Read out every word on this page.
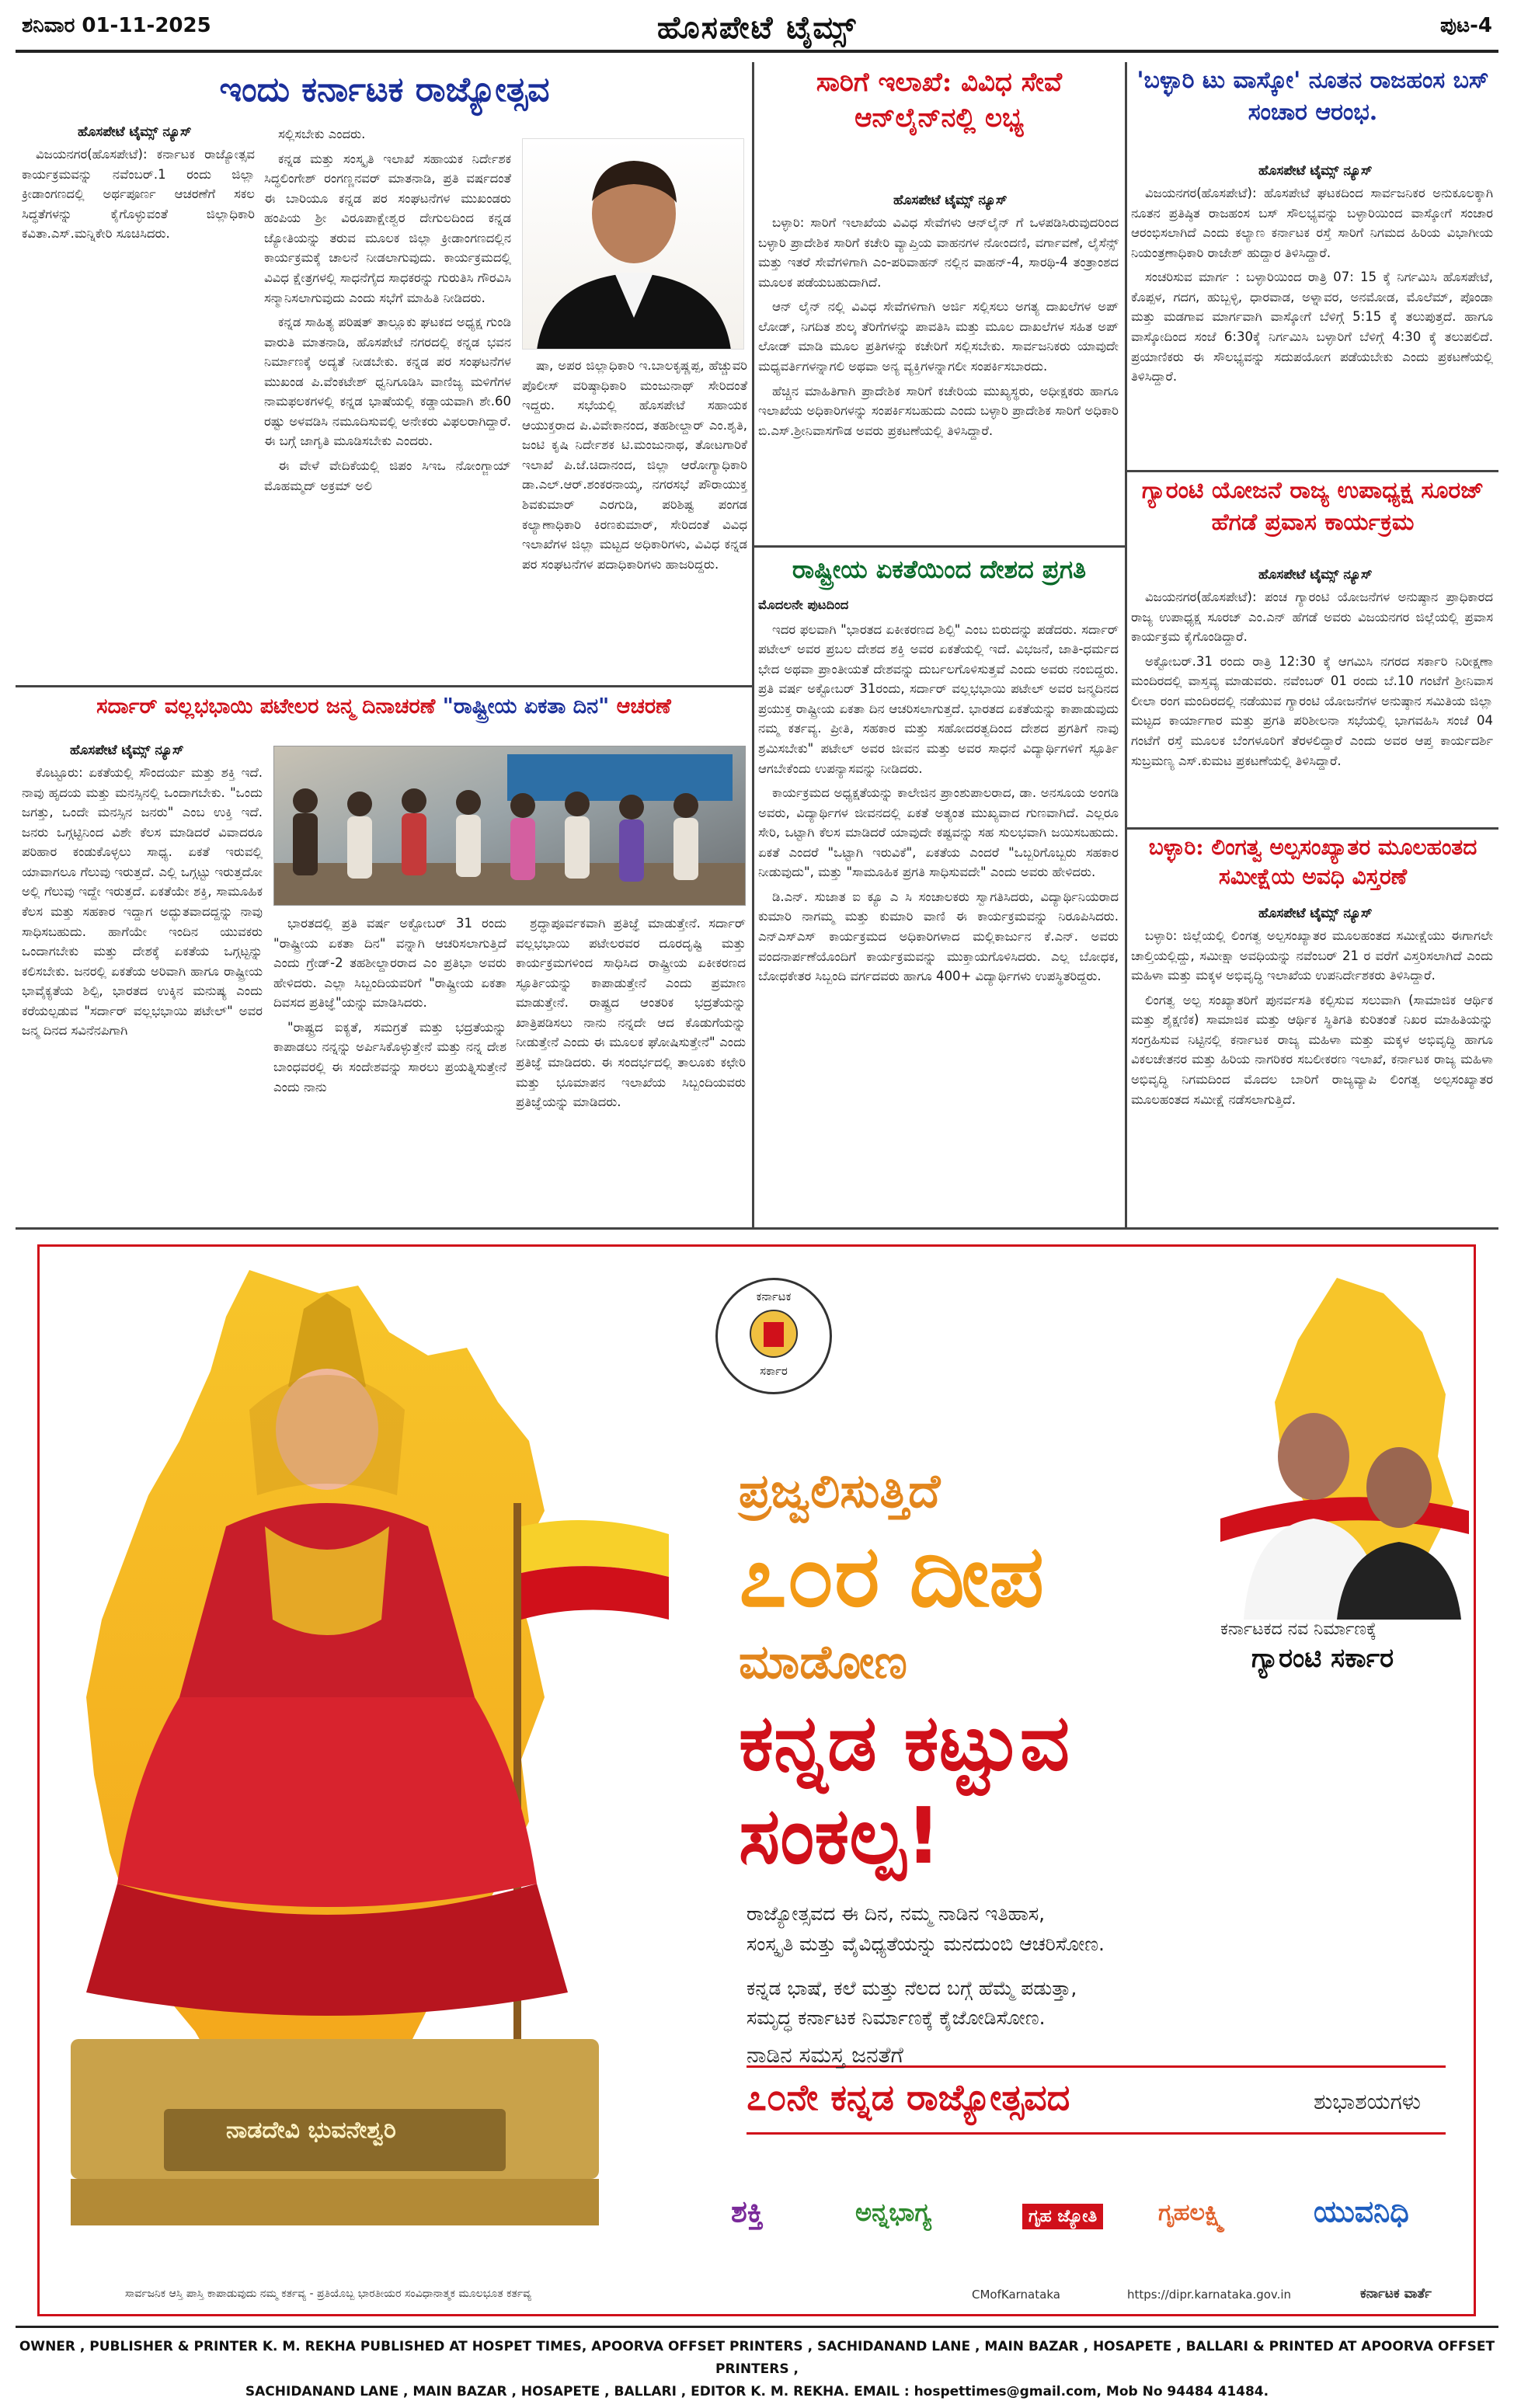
ಶನಿವಾರ 01-11-2025	ಹೊಸಪೇಟೆ ಟೈಮ್ಸ್	ಪುಟ-4
ಇಂದು ಕರ್ನಾಟಕ ರಾಜ್ಯೋತ್ಸವ
ಹೊಸಪೇಟೆ ಟೈಮ್ಸ್ ನ್ಯೂಸ್

ವಿಜಯನಗರ(ಹೊಸಪೇಟೆ): ಕರ್ನಾಟಕ ರಾಜ್ಯೋತ್ಸವ ಕಾರ್ಯಕ್ರಮವನ್ನು ನವೆಂಬರ್.1 ರಂದು ಜಿಲ್ಲಾ ಕ್ರೀಡಾಂಗಣದಲ್ಲಿ ಅರ್ಥಪೂರ್ಣ ಆಚರಣೆಗೆ ಸಕಲ ಸಿದ್ಧತೆಗಳನ್ನು ಕೈಗೊಳ್ಳುವಂತೆ ಜಿಲ್ಲಾಧಿಕಾರಿ ಕವಿತಾ.ಎಸ್.ಮನ್ನಿಕೇರಿ ಸೂಚಿಸಿದರು.

ಸಲ್ಲಿಸಬೇಕು ಎಂದರು.

ಕನ್ನಡ ಮತ್ತು ಸಂಸ್ಕೃತಿ ಇಲಾಖೆ ಸಹಾಯಕ ನಿರ್ದೇಶಕ ಸಿದ್ಧಲಿಂಗೇಶ್ ರಂಗಣ್ಣನವರ್ ಮಾತನಾಡಿ, ಪ್ರತಿ ವರ್ಷದಂತೆ ಈ ಬಾರಿಯೂ ಕನ್ನಡ ಪರ ಸಂಘಟನೆಗಳ ಮುಖಂಡರು ಹಂಪಿಯ ಶ್ರೀ ವಿರೂಪಾಕ್ಷೇಶ್ವರ ದೇಗುಲದಿಂದ ಕನ್ನಡ ಜ್ಯೋತಿಯನ್ನು ತರುವ ಮೂಲಕ ಜಿಲ್ಲಾ ಕ್ರೀಡಾಂಗಣದಲ್ಲಿನ ಕಾರ್ಯಕ್ರಮಕ್ಕೆ ಚಾಲನೆ ನೀಡಲಾಗುವುದು. ಕಾರ್ಯಕ್ರಮದಲ್ಲಿ ವಿವಿಧ ಕ್ಷೇತ್ರಗಳಲ್ಲಿ ಸಾಧನೆಗೈದ ಸಾಧಕರನ್ನು ಗುರುತಿಸಿ ಗೌರವಿಸಿ ಸನ್ಮಾನಿಸಲಾಗುವುದು ಎಂದು ಸಭೆಗೆ ಮಾಹಿತಿ ನೀಡಿದರು.

ಕನ್ನಡ ಸಾಹಿತ್ಯ ಪರಿಷತ್ ತಾಲ್ಲೂಕು ಘಟಕದ ಅಧ್ಯಕ್ಷ ಗುಂಡಿ ವಾರುತಿ ಮಾತನಾಡಿ, ಹೊಸಪೇಟೆ ನಗರದಲ್ಲಿ ಕನ್ನಡ ಭವನ ನಿರ್ಮಾಣಕ್ಕೆ ಅದ್ಯತೆ ನೀಡಬೇಕು. ಕನ್ನಡ ಪರ ಸಂಘಟನೆಗಳ ಮುಖಂಡ ಪಿ.ವೆಂಕಟೇಶ್ ಧ್ವನಿಗೂಡಿಸಿ ವಾಣಿಜ್ಯ ಮಳಿಗೆಗಳ ನಾಮಫಲಕಗಳಲ್ಲಿ ಕನ್ನಡ ಭಾಷೆಯಲ್ಲಿ ಕಡ್ಡಾಯವಾಗಿ ಶೇ.60 ರಷ್ಟು ಅಳವಡಿಸಿ ನಮೂದಿಸುವಲ್ಲಿ ಅನೇಕರು ವಿಫಲರಾಗಿದ್ದಾರೆ. ಈ ಬಗ್ಗೆ ಜಾಗೃತಿ ಮೂಡಿಸಬೇಕು ಎಂದರು.

ಈ ವೇಳೆ ವೇದಿಕೆಯಲ್ಲಿ ಜಿಪಂ ಸಿಇಒ ನೋಂಗ್ಜಾಯ್ ಮೊಹಮ್ಮದ್ ಅಕ್ರಮ್ ಅಲಿ

ಷಾ, ಅಪರ ಜಿಲ್ಲಾಧಿಕಾರಿ ಇ.ಬಾಲಕೃಷ್ಣಪ್ಪ, ಹೆಚ್ಚುವರಿ ಪೊಲೀಸ್ ವರಿಷ್ಠಾಧಿಕಾರಿ ಮಂಜುನಾಥ್ ಸೇರಿದಂತೆ ಇದ್ದರು. ಸಭೆಯಲ್ಲಿ ಹೊಸಪೇಟೆ ಸಹಾಯಕ ಆಯುಕ್ತರಾದ ಪಿ.ವಿವೇಕಾನಂದ, ತಹಶೀಲ್ದಾರ್ ಎಂ.ಶೃತಿ, ಜಂಟಿ ಕೃಷಿ ನಿರ್ದೇಶಕ ಟಿ.ಮಂಜುನಾಥ, ತೋಟಗಾರಿಕೆ ಇಲಾಖೆ ಪಿ.ಜೆ.ಚಿದಾನಂದ, ಜಿಲ್ಲಾ ಆರೋಗ್ಯಾಧಿಕಾರಿ ಡಾ.ಎಲ್.ಆರ್.ಶಂಕರನಾಯ್ಕ, ನಗರಸಭೆ ಪೌರಾಯುಕ್ತ ಶಿವಕುಮಾರ್ ಎರಗುಡಿ, ಪರಿಶಿಷ್ಟ ಪಂಗಡ ಕಲ್ಯಾಣಾಧಿಕಾರಿ ಕಿರಣಕುಮಾರ್, ಸೇರಿದಂತೆ ವಿವಿಧ ಇಲಾಖೆಗಳ ಜಿಲ್ಲಾ ಮಟ್ಟದ ಅಧಿಕಾರಿಗಳು, ವಿವಿಧ ಕನ್ನಡ ಪರ ಸಂಘಟನೆಗಳ ಪದಾಧಿಕಾರಿಗಳು ಹಾಜರಿದ್ದರು.

ಸಾರಿಗೆ ಇಲಾಖೆ: ವಿವಿಧ ಸೇವೆ ಆನ್‌ಲೈನ್‌ನಲ್ಲಿ ಲಭ್ಯ
ಹೊಸಪೇಟೆ ಟೈಮ್ಸ್ ನ್ಯೂಸ್

ಬಳ್ಳಾರಿ: ಸಾರಿಗೆ ಇಲಾಖೆಯ ವಿವಿಧ ಸೇವೆಗಳು ಆನ್‌ಲೈನ್ ಗೆ ಒಳಪಡಿಸಿರುವುದರಿಂದ ಬಳ್ಳಾರಿ ಪ್ರಾದೇಶಿಕ ಸಾರಿಗೆ ಕಚೇರಿ ವ್ಯಾಪ್ತಿಯ ವಾಹನಗಳ ನೋಂದಣಿ, ವರ್ಗಾವಣೆ, ಲೈಸೆನ್ಸ್ ಮತ್ತು ಇತರೆ ಸೇವೆಗಳಿಗಾಗಿ ಎಂ-ಪರಿವಾಹನ್ ನಲ್ಲಿನ ವಾಹನ್-4, ಸಾರಥಿ-4 ತಂತ್ರಾಂಶದ ಮೂಲಕ ಪಡೆಯಬಹುದಾಗಿದೆ.

ಆನ್ ಲೈನ್ ನಲ್ಲಿ ವಿವಿಧ ಸೇವೆಗಳಿಗಾಗಿ ಅರ್ಜಿ ಸಲ್ಲಿಸಲು ಅಗತ್ಯ ದಾಖಲೆಗಳ ಅಪ್ ಲೋಡ್, ನಿಗದಿತ ಶುಲ್ಕ ತೆರಿಗೆಗಳನ್ನು ಪಾವತಿಸಿ ಮತ್ತು ಮೂಲ ದಾಖಲೆಗಳ ಸಹಿತ ಅಪ್ ಲೋಡ್ ಮಾಡಿ ಮೂಲ ಪ್ರತಿಗಳನ್ನು ಕಚೇರಿಗೆ ಸಲ್ಲಿಸಬೇಕು. ಸಾರ್ವಜನಿಕರು ಯಾವುದೇ ಮಧ್ಯವರ್ತಿಗಳನ್ನಾಗಲಿ ಅಥವಾ ಅನ್ಯ ವ್ಯಕ್ತಿಗಳನ್ನಾಗಲೀ ಸಂಪರ್ಕಿಸಬಾರದು.

ಹೆಚ್ಚಿನ ಮಾಹಿತಿಗಾಗಿ ಪ್ರಾದೇಶಿಕ ಸಾರಿಗೆ ಕಚೇರಿಯ ಮುಖ್ಯಸ್ಥರು, ಅಧೀಕ್ಷಕರು ಹಾಗೂ ಇಲಾಖೆಯ ಅಧಿಕಾರಿಗಳನ್ನು ಸಂಪರ್ಕಿಸಬಹುದು ಎಂದು ಬಳ್ಳಾರಿ ಪ್ರಾದೇಶಿಕ ಸಾರಿಗೆ ಅಧಿಕಾರಿ ಬಿ.ಎಸ್.ಶ್ರೀನಿವಾಸಗೌಡ ಅವರು ಪ್ರಕಟಣೆಯಲ್ಲಿ ತಿಳಿಸಿದ್ದಾರೆ.

ರಾಷ್ಟ್ರೀಯ ಏಕತೆಯಿಂದ ದೇಶದ ಪ್ರಗತಿ

ಮೊದಲನೇ ಪುಟದಿಂದ

ಇದರ ಫಲವಾಗಿ "ಭಾರತದ ಏಕೀಕರಣದ ಶಿಲ್ಪಿ" ಎಂಬ ಬಿರುದನ್ನು ಪಡೆದರು. ಸರ್ದಾರ್ ಪಟೇಲ್ ಅವರ ಪ್ರಬಲ ದೇಶದ ಶಕ್ತಿ ಅವರ ಏಕತೆಯಲ್ಲಿ ಇದೆ. ವಿಭಜನೆ, ಜಾತಿ-ಧರ್ಮದ ಭೇದ ಅಥವಾ ಪ್ರಾಂತೀಯತೆ ದೇಶವನ್ನು ದುರ್ಬಲಗೊಳಿಸುತ್ತವೆ ಎಂದು ಅವರು ನಂಬಿದ್ದರು. ಪ್ರತಿ ವರ್ಷ ಅಕ್ಟೋಬರ್ 31ರಂದು, ಸರ್ದಾರ್ ವಲ್ಲಭಭಾಯಿ ಪಟೇಲ್ ಅವರ ಜನ್ಮದಿನದ ಪ್ರಯುಕ್ತ ರಾಷ್ಟ್ರೀಯ ಏಕತಾ ದಿನ ಆಚರಿಸಲಾಗುತ್ತದೆ. ಭಾರತದ ಏಕತೆಯನ್ನು ಕಾಪಾಡುವುದು ನಮ್ಮ ಕರ್ತವ್ಯ. ಪ್ರೀತಿ, ಸಹಕಾರ ಮತ್ತು ಸಹೋದರತ್ವದಿಂದ ದೇಶದ ಪ್ರಗತಿಗೆ ನಾವು ಶ್ರಮಿಸಬೇಕು" ಪಟೇಲ್ ಅವರ ಜೀವನ ಮತ್ತು ಅವರ ಸಾಧನೆ ವಿದ್ಯಾರ್ಥಿಗಳಿಗೆ ಸ್ಫೂರ್ತಿ ಆಗಬೇಕೆಂದು ಉಪನ್ಯಾಸವನ್ನು ನೀಡಿದರು.

ಕಾರ್ಯಕ್ರಮದ ಅಧ್ಯಕ್ಷತೆಯನ್ನು ಕಾಲೇಜಿನ ಪ್ರಾಂಶುಪಾಲರಾದ, ಡಾ. ಅನಸೂಯ ಅಂಗಡಿ ಅವರು, ವಿದ್ಯಾರ್ಥಿಗಳ ಜೀವನದಲ್ಲಿ ಏಕತೆ ಅತ್ಯಂತ ಮುಖ್ಯವಾದ ಗುಣವಾಗಿದೆ. ಎಲ್ಲರೂ ಸೇರಿ, ಒಟ್ಟಾಗಿ ಕೆಲಸ ಮಾಡಿದರೆ ಯಾವುದೇ ಕಷ್ಟವನ್ನು ಸಹ ಸುಲಭವಾಗಿ ಜಯಿಸಬಹುದು. ಏಕತೆ ಎಂದರೆ "ಒಟ್ಟಾಗಿ ಇರುವಿಕೆ", ಏಕತೆಯ ಎಂದರೆ "ಒಬ್ಬರಿಗೊಬ್ಬರು ಸಹಕಾರ ನೀಡುವುದು", ಮತ್ತು "ಸಾಮೂಹಿಕ ಪ್ರಗತಿ ಸಾಧಿಸುವದೇ" ಎಂದು ಅವರು ಹೇಳಿದರು.

ಡಿ.ಎನ್. ಸುಜಾತ ಐ ಕ್ಯೂ ಎ ಸಿ ಸಂಚಾಲಕರು ಸ್ವಾಗತಿಸಿದರು, ವಿದ್ಯಾರ್ಥಿನಿಯರಾದ ಕುಮಾರಿ ನಾಗಮ್ಮ ಮತ್ತು ಕುಮಾರಿ ವಾಣಿ ಈ ಕಾರ್ಯಕ್ರಮವನ್ನು ನಿರೂಪಿಸಿದರು. ಎನ್‌ಎಸ್‌ಎಸ್ ಕಾರ್ಯಕ್ರಮದ ಅಧಿಕಾರಿಗಳಾದ ಮಲ್ಲಿಕಾರ್ಜುನ ಕೆ.ಎನ್. ಅವರು ವಂದನಾರ್ಪಣೆಯೊಂದಿಗೆ ಕಾರ್ಯಕ್ರಮವನ್ನು ಮುಕ್ತಾಯಗೊಳಿಸಿದರು. ಎಲ್ಲ ಬೋಧಕ, ಬೋಧಕೇತರ ಸಿಬ್ಬಂದಿ ವರ್ಗದವರು ಹಾಗೂ 400+ ವಿದ್ಯಾರ್ಥಿಗಳು ಉಪಸ್ಥಿತರಿದ್ದರು.

'ಬಳ್ಳಾರಿ ಟು ವಾಸ್ಕೋ' ನೂತನ ರಾಜಹಂಸ ಬಸ್ ಸಂಚಾರ ಆರಂಭ.
ಹೊಸಪೇಟೆ ಟೈಮ್ಸ್ ನ್ಯೂಸ್

ವಿಜಯನಗರ(ಹೊಸಪೇಟೆ): ಹೊಸಪೇಟೆ ಘಟಕದಿಂದ ಸಾರ್ವಜನಿಕರ ಅನುಕೂಲಕ್ಕಾಗಿ ನೂತನ ಪ್ರತಿಷ್ಠಿತ ರಾಜಹಂಸ ಬಸ್ ಸೌಲಭ್ಯವನ್ನು ಬಳ್ಳಾರಿಯಿಂದ ವಾಸ್ಕೋಗೆ ಸಂಚಾರ ಆರಂಭಿಸಲಾಗಿದೆ ಎಂದು ಕಲ್ಯಾಣ ಕರ್ನಾಟಕ ರಸ್ತೆ ಸಾರಿಗೆ ನಿಗಮದ ಹಿರಿಯ ವಿಭಾಗೀಯ ನಿಯಂತ್ರಣಾಧಿಕಾರಿ ರಾಜೇಶ್ ಹುದ್ದಾರ ತಿಳಿಸಿದ್ದಾರೆ.

ಸಂಚರಿಸುವ ಮಾರ್ಗ : ಬಳ್ಳಾರಿಯಿಂದ ರಾತ್ರಿ 07: 15 ಕ್ಕೆ ನಿರ್ಗಮಿಸಿ ಹೊಸಪೇಟೆ, ಕೊಪ್ಪಳ, ಗದಗ, ಹುಬ್ಬಳ್ಳಿ, ಧಾರವಾಡ, ಅಳ್ನಾವರ, ಅನಮೋಡ, ಮೊಲೆಮ್, ಪೊಂಡಾ ಮತ್ತು ಮಡಗಾವ ಮಾರ್ಗವಾಗಿ ವಾಸ್ಕೋಗೆ ಬೆಳಿಗ್ಗೆ 5:15 ಕ್ಕೆ ತಲುಪುತ್ತದೆ. ಹಾಗೂ ವಾಸ್ಕೋದಿಂದ ಸಂಜೆ 6:30ಕ್ಕೆ ನಿರ್ಗಮಿಸಿ ಬಳ್ಳಾರಿಗೆ ಬೆಳಿಗ್ಗೆ 4:30 ಕ್ಕೆ ತಲುಪಲಿದೆ. ಪ್ರಯಾಣಿಕರು ಈ ಸೌಲಭ್ಯವನ್ನು ಸದುಪಯೋಗ ಪಡೆಯಬೇಕು ಎಂದು ಪ್ರಕಟಣೆಯಲ್ಲಿ ತಿಳಿಸಿದ್ದಾರೆ.

ಗ್ಯಾರಂಟಿ ಯೋಜನೆ ರಾಜ್ಯ ಉಪಾಧ್ಯಕ್ಷ ಸೂರಜ್ ಹೆಗಡೆ ಪ್ರವಾಸ ಕಾರ್ಯಕ್ರಮ
ಹೊಸಪೇಟೆ ಟೈಮ್ಸ್ ನ್ಯೂಸ್

ವಿಜಯನಗರ(ಹೊಸಪೇಟೆ): ಪಂಚ ಗ್ಯಾರಂಟಿ ಯೋಜನೆಗಳ ಅನುಷ್ಠಾನ ಪ್ರಾಧಿಕಾರದ ರಾಜ್ಯ ಉಪಾಧ್ಯಕ್ಷ ಸೂರಜ್ ಎಂ.ಎನ್ ಹೆಗಡೆ ಅವರು ವಿಜಯನಗರ ಜಿಲ್ಲೆಯಲ್ಲಿ ಪ್ರವಾಸ ಕಾರ್ಯಕ್ರಮ ಕೈಗೊಂಡಿದ್ದಾರೆ.

ಅಕ್ಟೋಬರ್.31 ರಂದು ರಾತ್ರಿ 12:30 ಕ್ಕೆ ಆಗಮಿಸಿ ನಗರದ ಸರ್ಕಾರಿ ನಿರೀಕ್ಷಣಾ ಮಂದಿರದಲ್ಲಿ ವಾಸ್ತವ್ಯ ಮಾಡುವರು. ನವೆಂಬರ್ 01 ರಂದು ಬೆ.10 ಗಂಟೆಗೆ ಶ್ರೀನಿವಾಸ ಲೀಲಾ ರಂಗ ಮಂದಿರದಲ್ಲಿ ನಡೆಯುವ ಗ್ಯಾರಂಟಿ ಯೋಜನೆಗಳ ಅನುಷ್ಠಾನ ಸಮಿತಿಯ ಜಿಲ್ಲಾ ಮಟ್ಟದ ಕಾರ್ಯಾಗಾರ ಮತ್ತು ಪ್ರಗತಿ ಪರಿಶೀಲನಾ ಸಭೆಯಲ್ಲಿ ಭಾಗವಹಿಸಿ ಸಂಜೆ 04 ಗಂಟೆಗೆ ರಸ್ತೆ ಮೂಲಕ ಬೆಂಗಳೂರಿಗೆ ತೆರಳಲಿದ್ದಾರೆ ಎಂದು ಅವರ ಆಪ್ತ ಕಾರ್ಯದರ್ಶಿ ಸುಬ್ರಮಣ್ಯ ಎಸ್.ಕುಮಟ ಪ್ರಕಟಣೆಯಲ್ಲಿ ತಿಳಿಸಿದ್ದಾರೆ.

ಬಳ್ಳಾರಿ: ಲಿಂಗತ್ವ ಅಲ್ಪಸಂಖ್ಯಾತರ ಮೂಲಹಂತದ ಸಮೀಕ್ಷೆಯ ಅವಧಿ ವಿಸ್ತರಣೆ
ಹೊಸಪೇಟೆ ಟೈಮ್ಸ್ ನ್ಯೂಸ್

ಬಳ್ಳಾರಿ: ಜಿಲ್ಲೆಯಲ್ಲಿ ಲಿಂಗತ್ವ ಅಲ್ಪಸಂಖ್ಯಾತರ ಮೂಲಹಂತದ ಸಮೀಕ್ಷೆಯು ಈಗಾಗಲೇ ಚಾಲ್ತಿಯಲ್ಲಿದ್ದು, ಸಮೀಕ್ಷಾ ಅವಧಿಯನ್ನು ನವೆಂಬರ್ 21 ರ ವರೆಗೆ ವಿಸ್ತರಿಸಲಾಗಿದೆ ಎಂದು ಮಹಿಳಾ ಮತ್ತು ಮಕ್ಕಳ ಅಭಿವೃದ್ಧಿ ಇಲಾಖೆಯ ಉಪನಿರ್ದೇಶಕರು ತಿಳಿಸಿದ್ದಾರೆ.

ಲಿಂಗತ್ವ ಅಲ್ಪ ಸಂಖ್ಯಾತರಿಗೆ ಪುನರ್ವಸತಿ ಕಲ್ಪಿಸುವ ಸಲುವಾಗಿ (ಸಾಮಾಜಿಕ ಆರ್ಥಿಕ ಮತ್ತು ಶೈಕ್ಷಣಿಕ) ಸಾಮಾಜಿಕ ಮತ್ತು ಆರ್ಥಿಕ ಸ್ಥಿತಿಗತಿ ಕುರಿತಂತೆ ನಿಖರ ಮಾಹಿತಿಯನ್ನು ಸಂಗ್ರಹಿಸುವ ನಿಟ್ಟಿನಲ್ಲಿ ಕರ್ನಾಟಕ ರಾಜ್ಯ ಮಹಿಳಾ ಮತ್ತು ಮಕ್ಕಳ ಅಭಿವೃದ್ಧಿ ಹಾಗೂ ವಿಕಲಚೇತನರ ಮತ್ತು ಹಿರಿಯ ನಾಗರಿಕರ ಸಬಲೀಕರಣ ಇಲಾಖೆ, ಕರ್ನಾಟಕ ರಾಜ್ಯ ಮಹಿಳಾ ಅಭಿವೃದ್ಧಿ ನಿಗಮದಿಂದ ಮೊದಲ ಬಾರಿಗೆ ರಾಜ್ಯವ್ಯಾಪಿ ಲಿಂಗತ್ವ ಅಲ್ಪಸಂಖ್ಯಾತರ ಮೂಲಹಂತದ ಸಮೀಕ್ಷೆ ನಡೆಸಲಾಗುತ್ತಿದೆ.

ಸರ್ದಾರ್ ವಲ್ಲಭಭಾಯಿ ಪಟೇಲರ ಜನ್ಮ ದಿನಾಚರಣೆ "ರಾಷ್ಟ್ರೀಯ ಏಕತಾ ದಿನ" ಆಚರಣೆ
ಹೊಸಪೇಟೆ ಟೈಮ್ಸ್ ನ್ಯೂಸ್

ಕೊಟ್ಟೂರು: ಏಕತೆಯಲ್ಲಿ ಸೌಂದರ್ಯ ಮತ್ತು ಶಕ್ತಿ ಇದೆ. ನಾವು ಹೃದಯ ಮತ್ತು ಮನಸ್ಸಿನಲ್ಲಿ ಒಂದಾಗಬೇಕು. "ಒಂದು ಜಗತ್ತು, ಒಂದೇ ಮನಸ್ಸಿನ ಜನರು" ಎಂಬ ಉಕ್ತಿ ಇದೆ. ಜನರು ಒಗ್ಗಟ್ಟಿನಿಂದ ವಿಶೇ ಕೆಲಸ ಮಾಡಿದರೆ ವಿವಾದರೂ ಪರಿಹಾರ ಕಂಡುಕೊಳ್ಳಲು ಸಾಧ್ಯ. ಏಕತೆ ಇರುವಲ್ಲಿ ಯಾವಾಗಲೂ ಗೆಲುವು ಇರುತ್ತದೆ. ಎಲ್ಲಿ ಒಗ್ಗಟ್ಟು ಇರುತ್ತದೋ ಅಲ್ಲಿ ಗೆಲುವು ಇದ್ದೇ ಇರುತ್ತದೆ. ಏಕತೆಯೇ ಶಕ್ತಿ, ಸಾಮೂಹಿಕ ಕೆಲಸ ಮತ್ತು ಸಹಕಾರ ಇದ್ದಾಗ ಅದ್ಭುತವಾದದ್ದನ್ನು ನಾವು ಸಾಧಿಸಬಹುದು. ಹಾಗೆಯೇ ಇಂದಿನ ಯುವಕರು ಒಂದಾಗಬೇಕು ಮತ್ತು ದೇಶಕ್ಕೆ ಏಕತೆಯ ಒಗ್ಗಟ್ಟನ್ನು ಕಲಿಸಬೇಕು. ಜನರಲ್ಲಿ ಏಕತೆಯ ಅರಿವಾಗಿ ಹಾಗೂ ರಾಷ್ಟ್ರೀಯ ಭಾವೈಕ್ಯತೆಯ ಶಿಲ್ಪಿ, ಭಾರತದ ಉಕ್ಕಿನ ಮನುಷ್ಯ ಎಂದು ಕರೆಯಲ್ಪಡುವ "ಸರ್ದಾರ್ ವಲ್ಲಭಭಾಯಿ ಪಟೇಲ್" ಅವರ ಜನ್ಮ ದಿನದ ಸವಿನೆನಪಿಗಾಗಿ

ಭಾರತದಲ್ಲಿ ಪ್ರತಿ ವರ್ಷ ಅಕ್ಟೋಬರ್ 31 ರಂದು "ರಾಷ್ಟ್ರೀಯ ಏಕತಾ ದಿನ" ವನ್ನಾಗಿ ಆಚರಿಸಲಾಗುತ್ತಿದೆ ಎಂದು ಗ್ರೇಡ್-2 ತಹಶೀಲ್ದಾರರಾದ ಎಂ ಪ್ರತಿಭಾ ಅವರು ಹೇಳಿದರು. ಎಲ್ಲಾ ಸಿಬ್ಬಂದಿಯವರಿಗೆ "ರಾಷ್ಟ್ರೀಯ ಏಕತಾ ದಿವಸದ ಪ್ರತಿಜ್ಞೆ"ಯನ್ನು ಮಾಡಿಸಿದರು.

"ರಾಷ್ಟ್ರದ ಐಕ್ಯತೆ, ಸಮಗ್ರತೆ ಮತ್ತು ಭದ್ರತೆಯನ್ನು ಕಾಪಾಡಲು ನನ್ನನ್ನು ಅರ್ಪಿಸಿಕೊಳ್ಳುತ್ತೇನೆ ಮತ್ತು ನನ್ನ ದೇಶ ಬಾಂಧವರಲ್ಲಿ ಈ ಸಂದೇಶವನ್ನು ಸಾರಲು ಪ್ರಯತ್ನಿಸುತ್ತೇನೆ ಎಂದು ನಾನು

ಶ್ರದ್ಧಾಪೂರ್ವಕವಾಗಿ ಪ್ರತಿಜ್ಞೆ ಮಾಡುತ್ತೇನೆ. ಸರ್ದಾರ್ ವಲ್ಲಭಭಾಯಿ ಪಟೇಲರವರ ದೂರದೃಷ್ಟಿ ಮತ್ತು ಕಾರ್ಯಕ್ರಮಗಳಿಂದ ಸಾಧಿಸಿದ ರಾಷ್ಟ್ರೀಯ ಏಕೀಕರಣದ ಸ್ಫೂರ್ತಿಯನ್ನು ಕಾಪಾಡುತ್ತೇನೆ ಎಂದು ಪ್ರಮಾಣ ಮಾಡುತ್ತೇನೆ. ರಾಷ್ಟ್ರದ ಆಂತರಿಕ ಭದ್ರತೆಯನ್ನು ಖಾತ್ರಿಪಡಿಸಲು ನಾನು ನನ್ನದೇ ಆದ ಕೊಡುಗೆಯನ್ನು ನೀಡುತ್ತೇನೆ ಎಂದು ಈ ಮೂಲಕ ಘೋಷಿಸುತ್ತೇನೆ" ಎಂದು ಪ್ರತಿಜ್ಞೆ ಮಾಡಿದರು. ಈ ಸಂದರ್ಭದಲ್ಲಿ ತಾಲೂಕು ಕಛೇರಿ ಮತ್ತು ಭೂಮಾಪನ ಇಲಾಖೆಯ ಸಿಬ್ಬಂದಿಯವರು ಪ್ರತಿಜ್ಞೆಯನ್ನು ಮಾಡಿದರು.

ನಾಡದೇವಿ ಭುವನೇಶ್ವರಿ
ಕರ್ನಾಟಕ
ಸರ್ಕಾರ
ಪ್ರಜ್ವಲಿಸುತ್ತಿದೆ
೭೦ರ ದೀಪ
ಮಾಡೋಣ
ಕನ್ನಡ ಕಟ್ಟುವ
ಸಂಕಲ್ಪ!
ರಾಜ್ಯೋತ್ಸವದ ಈ ದಿನ, ನಮ್ಮ ನಾಡಿನ ಇತಿಹಾಸ,
ಸಂಸ್ಕೃತಿ ಮತ್ತು ವೈವಿಧ್ಯತೆಯನ್ನು ಮನದುಂಬಿ ಆಚರಿಸೋಣ.
ಕನ್ನಡ ಭಾಷೆ, ಕಲೆ ಮತ್ತು ನೆಲದ ಬಗ್ಗೆ ಹೆಮ್ಮೆ ಪಡುತ್ತಾ,
ಸಮೃದ್ಧ ಕರ್ನಾಟಕ ನಿರ್ಮಾಣಕ್ಕೆ ಕೈಜೋಡಿಸೋಣ.
ನಾಡಿನ ಸಮಸ್ತ ಜನತೆಗೆ
೭೦ನೇ ಕನ್ನಡ ರಾಜ್ಯೋತ್ಸವದ	ಶುಭಾಶಯಗಳು
ಕರ್ನಾಟಕದ ನವ ನಿರ್ಮಾಣಕ್ಕೆ
ಗ್ಯಾರಂಟಿ ಸರ್ಕಾರ
ಶಕ್ತಿ	ಅನ್ನಭಾಗ್ಯ	ಗೃಹ ಜ್ಯೋತಿ	ಗೃಹಲಕ್ಷ್ಮಿ	ಯುವನಿಧಿ
ಸಾರ್ವಜನಿಕ ಆಸ್ತಿ ಪಾಸ್ತಿ ಕಾಪಾಡುವುದು ನಮ್ಮ ಕರ್ತವ್ಯ - ಪ್ರತಿಯೊಬ್ಬ ಭಾರತೀಯರ ಸಂವಿಧಾನಾತ್ಮಕ ಮೂಲಭೂತ ಕರ್ತವ್ಯ	CMofKarnataka	https://dipr.karnataka.gov.in	ಕರ್ನಾಟಕ ವಾರ್ತೆ
OWNER , PUBLISHER & PRINTER K. M. REKHA PUBLISHED AT HOSPET TIMES, APOORVA OFFSET PRINTERS , SACHIDANAND LANE , MAIN BAZAR , HOSAPETE , BALLARI & PRINTED AT APOORVA OFFSET PRINTERS ,
SACHIDANAND LANE , MAIN BAZAR , HOSAPETE , BALLARI , EDITOR K. M. REKHA. EMAIL : hospettimes@gmail.com, Mob No 94484 41484.
